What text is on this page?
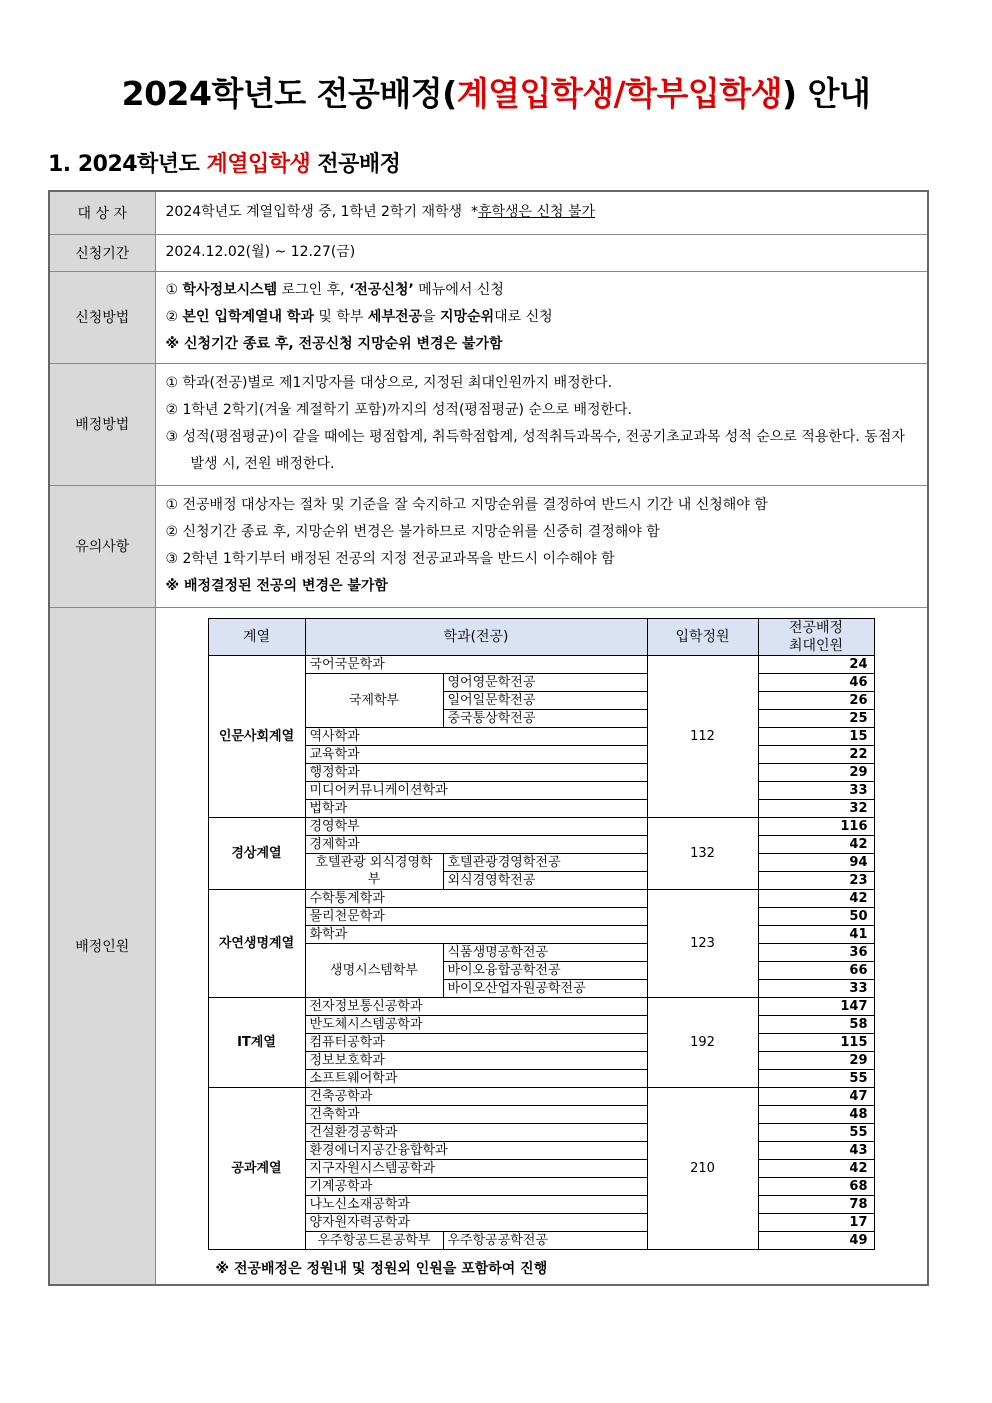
2024학년도 전공배정(계열입학생/학부입학생) 안내
1. 2024학년도 계열입학생 전공배정
대 상 자	2024학년도 계열입학생 중, 1학년 2학기 재학생 *휴학생은 신청 불가
신청기간	2024.12.02(월) ~ 12.27(금)
신청방법	
① 학사정보시스템 로그인 후, ‘전공신청’ 메뉴에서 신청
② 본인 입학계열내 학과 및 학부 세부전공을 지망순위대로 신청
※ 신청기간 종료 후, 전공신청 지망순위 변경은 불가함

배정방법	
① 학과(전공)별로 제1지망자를 대상으로, 지정된 최대인원까지 배정한다.
② 1학년 2학기(겨울 계절학기 포함)까지의 성적(평점평균) 순으로 배정한다.
③ 성적(평점평균)이 같을 때에는 평점합계, 취득학점합계, 성적취득과목수, 전공기초교과목 성적 순으로 적용한다. 동점자 발생 시, 전원 배정한다.

유의사항	
① 전공배정 대상자는 절차 및 기준을 잘 숙지하고 지망순위를 결정하여 반드시 기간 내 신청해야 함
② 신청기간 종료 후, 지망순위 변경은 불가하므로 지망순위를 신중히 결정해야 함
③ 2학년 1학기부터 배정된 전공의 지정 전공교과목을 반드시 이수해야 함
※ 배정결정된 전공의 변경은 불가함

배정인원	
계열	학과(전공)	입학정원	
전공배정
최대인원

인문사회계열	국어국문학과	112	24
국제학부	영어영문학전공	46
일어일문학전공	26
중국통상학전공	25
역사학과	15
교육학과	22
행정학과	29
미디어커뮤니케이션학과	33
법학과	32
경상계열	경영학부	132	116
경제학과	42
호텔관광 외식경영학부	호텔관광경영학전공	94
외식경영학전공	23
자연생명계열	수학통계학과	123	42
물리천문학과	50
화학과	41
생명시스템학부	식품생명공학전공	36
바이오융합공학전공	66
바이오산업자원공학전공	33
IT계열	전자정보통신공학과	192	147
반도체시스템공학과	58
컴퓨터공학과	115
정보보호학과	29
소프트웨어학과	55
공과계열	건축공학과	210	47
건축학과	48
건설환경공학과	55
환경에너지공간융합학과	43
지구자원시스템공학과	42
기계공학과	68
나노신소재공학과	78
양자원자력공학과	17
우주항공드론공학부	우주항공공학전공	49
※ 전공배정은 정원내 및 정원외 인원을 포함하여 진행
